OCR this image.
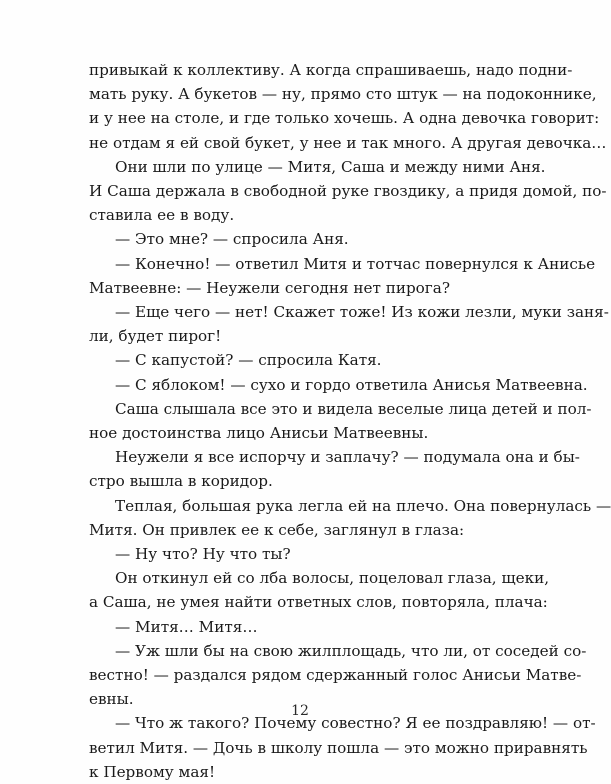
привыкай к коллективу. А когда спрашиваешь, надо подни-
мать руку. А букетов — ну, прямо сто штук — на подоконнике,
и у нее на столе, и где только хочешь. А одна девочка говорит:
не отдам я ей свой букет, у нее и так много. А другая девочка…
Они шли по улице — Митя, Саша и между ними Аня.
И Саша держала в свободной руке гвоздику, а придя домой, по-
ставила ее в воду.
— Это мне? — спросила Аня.
— Конечно! — ответил Митя и тотчас повернулся к Анисье
Матвеевне: — Неужели сегодня нет пирога?
— Еще чего — нет! Скажет тоже! Из кожи лезли, муки заня-
ли, будет пирог!
— С капустой? — спросила Катя.
— С яблоком! — сухо и гордо ответила Анисья Матвеевна.
Саша слышала все это и видела веселые лица детей и пол-
ное достоинства лицо Анисьи Матвеевны.
Неужели я все испорчу и заплачу? — подумала она и бы-
стро вышла в коридор.
Теплая, большая рука легла ей на плечо. Она повернулась —
Митя. Он привлек ее к себе, заглянул в глаза:
— Ну что? Ну что ты?
Он откинул ей со лба волосы, поцеловал глаза, щеки,
а Саша, не умея найти ответных слов, повторяла, плача:
— Митя… Митя…
— Уж шли бы на свою жилплощадь, что ли, от соседей со-
вестно! — раздался рядом сдержанный голос Анисьи Матве-
евны.
— Что ж такого? Почему совестно? Я ее поздравляю! — от-
ветил Митя. — Дочь в школу пошла — это можно приравнять
к Первому мая!
12
